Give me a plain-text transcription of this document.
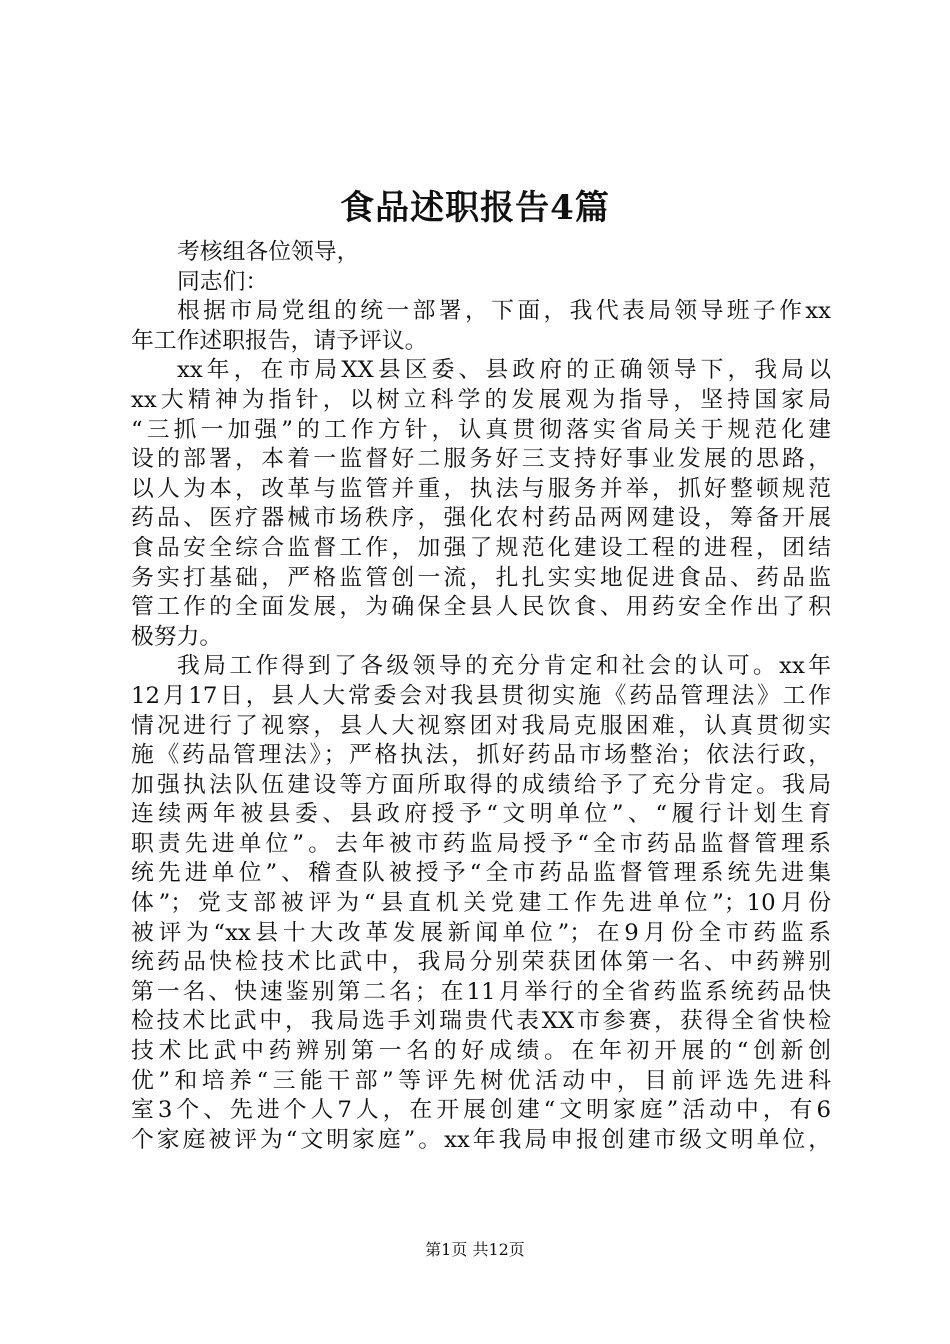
食品述职报告4篇
考核组各位领导，
同志们：
根据市局党组的统一部署，下面，我代表局领导班子作xx
年工作述职报告，请予评议。
xx年，在市局XX县区委、县政府的正确领导下，我局以
xx大精神为指针，以树立科学的发展观为指导，坚持国家局
“三抓一加强”的工作方针，认真贯彻落实省局关于规范化建
设的部署，本着一监督好二服务好三支持好事业发展的思路，
以人为本，改革与监管并重，执法与服务并举，抓好整顿规范
药品、医疗器械市场秩序，强化农村药品两网建设，筹备开展
食品安全综合监督工作，加强了规范化建设工程的进程，团结
务实打基础，严格监管创一流，扎扎实实地促进食品、药品监
管工作的全面发展，为确保全县人民饮食、用药安全作出了积
极努力。
我局工作得到了各级领导的充分肯定和社会的认可。xx年
12月17日，县人大常委会对我县贯彻实施《药品管理法》工作
情况进行了视察，县人大视察团对我局克服困难，认真贯彻实
施《药品管理法》；严格执法，抓好药品市场整治；依法行政，
加强执法队伍建设等方面所取得的成绩给予了充分肯定。我局
连续两年被县委、县政府授予“文明单位”、“履行计划生育
职责先进单位”。去年被市药监局授予“全市药品监督管理系
统先进单位”、稽查队被授予“全市药品监督管理系统先进集
体”；党支部被评为“县直机关党建工作先进单位”；10月份
被评为“xx县十大改革发展新闻单位”；在9月份全市药监系
统药品快检技术比武中，我局分别荣获团体第一名、中药辨别
第一名、快速鉴别第二名；在11月举行的全省药监系统药品快
检技术比武中，我局选手刘瑞贵代表XX市参赛，获得全省快检
技术比武中药辨别第一名的好成绩。在年初开展的“创新创
优”和培养“三能干部”等评先树优活动中，目前评选先进科
室3个、先进个人7人，在开展创建“文明家庭”活动中，有6
个家庭被评为“文明家庭”。xx年我局申报创建市级文明单位，
第1页 共12页
